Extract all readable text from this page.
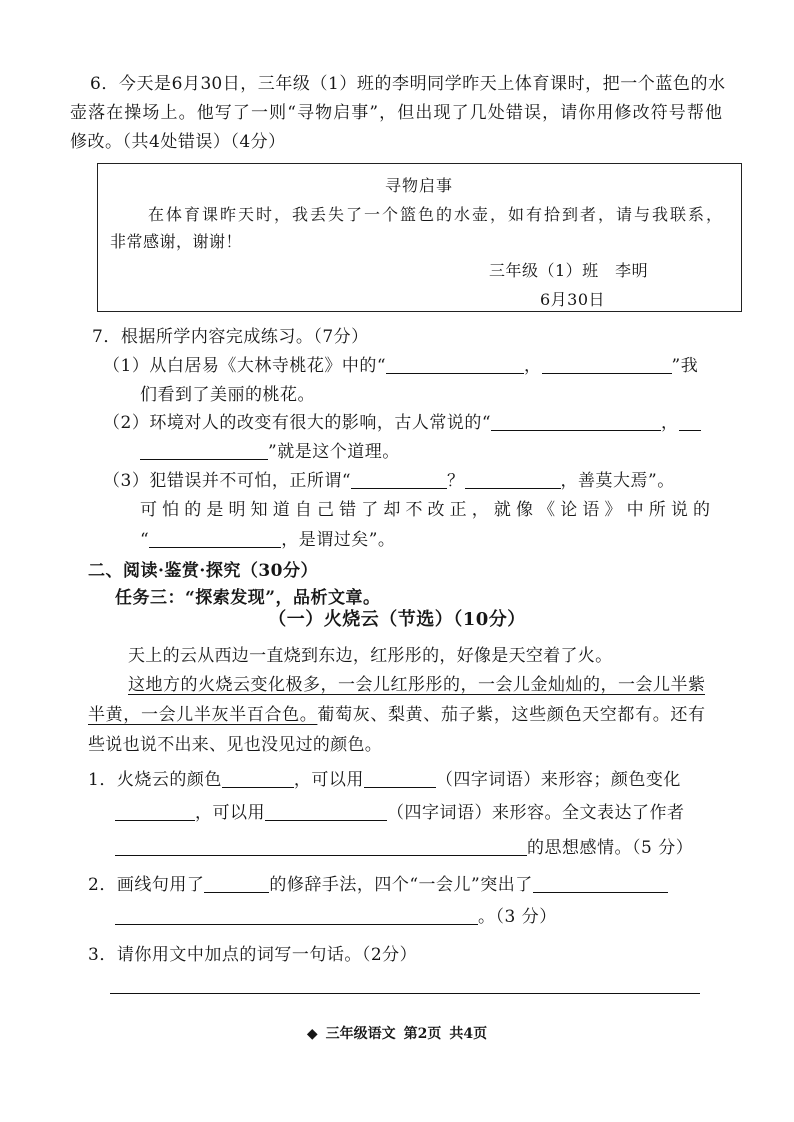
6．今天是6月30日，三年级（1）班的李明同学昨天上体育课时，把一个蓝色的水
壶落在操场上。他写了一则“寻物启事”，但出现了几处错误，请你用修改符号帮他
修改。（共4处错误）（4分）
寻物启事
在体育课昨天时，我丢失了一个篮色的水壶，如有拾到者，请与我联系，
非常感谢，谢谢！
三年级（1）班　李明
6月30日
7．根据所学内容完成练习。（7分）
（1）从白居易《大林寺桃花》中的“	，	”我
们看到了美丽的桃花。
（2）环境对人的改变有很大的影响，古人常说的“	，
”就是这个道理。
（3）犯错误并不可怕，正所谓“	？	，善莫大焉”。
可怕的是明知道自己错了却不改正，就像《论语》中所说的
“	，是谓过矣”。
二、阅读·鉴赏·探究（30分）
任务三：“探索发现”，品析文章。
（一）火烧云（节选）（10分）
天上的云从西边一直烧到东边，红彤彤的，好像是天空着了火。
这地方的火烧云变化极多，一会儿红彤彤的，一会儿金灿灿的，一会儿半紫
半黄，一会儿半灰半百合色。葡萄灰、梨黄、茄子紫，这些颜色天空都有。还有
些说也说不出来、见也没见过的颜色。
1．火烧云的颜色	，可以用	（四字词语）来形容；颜色变化
，可以用	（四字词语）来形容。全文表达了作者
的思想感情。（5 分）
2．画线句用了	的修辞手法，四个“一会儿”突出了
。（3 分）
3．请你用文中加点的词写一句话。（2分）
◆ 三年级语文 第2页 共4页
